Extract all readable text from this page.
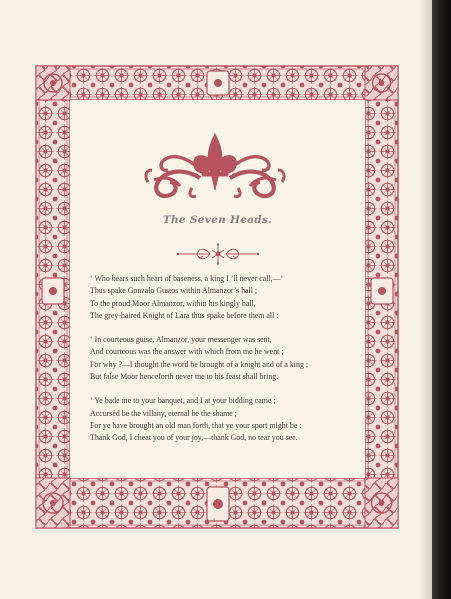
The Seven Heads.
‘ Who bears such heart of baseness, a king I ’ll never call,—’
Thus spake Gonzalo Gustos within Almanzor’s hall ;
To the proud Moor Almanzor, within his kingly hall,
The grey-haired Knight of Lara thus spake before them all :
‘ In courteous guise, Almanzor, your messenger was sent,
And courteous was the answer with which from me he went ;
For why ?—I thought the word be brought of a knight and of a king ;
But false Moor henceforth never me to his feast shall bring.
‘ Ye bade me to your banquet, and I at your bidding came ;
Accursèd be the villany, eternal be the shame ;
For ye have brought an old man forth, that ye your sport might be :
Thank God, I cheat you of your joy,—thank God, no tear you see.
4
